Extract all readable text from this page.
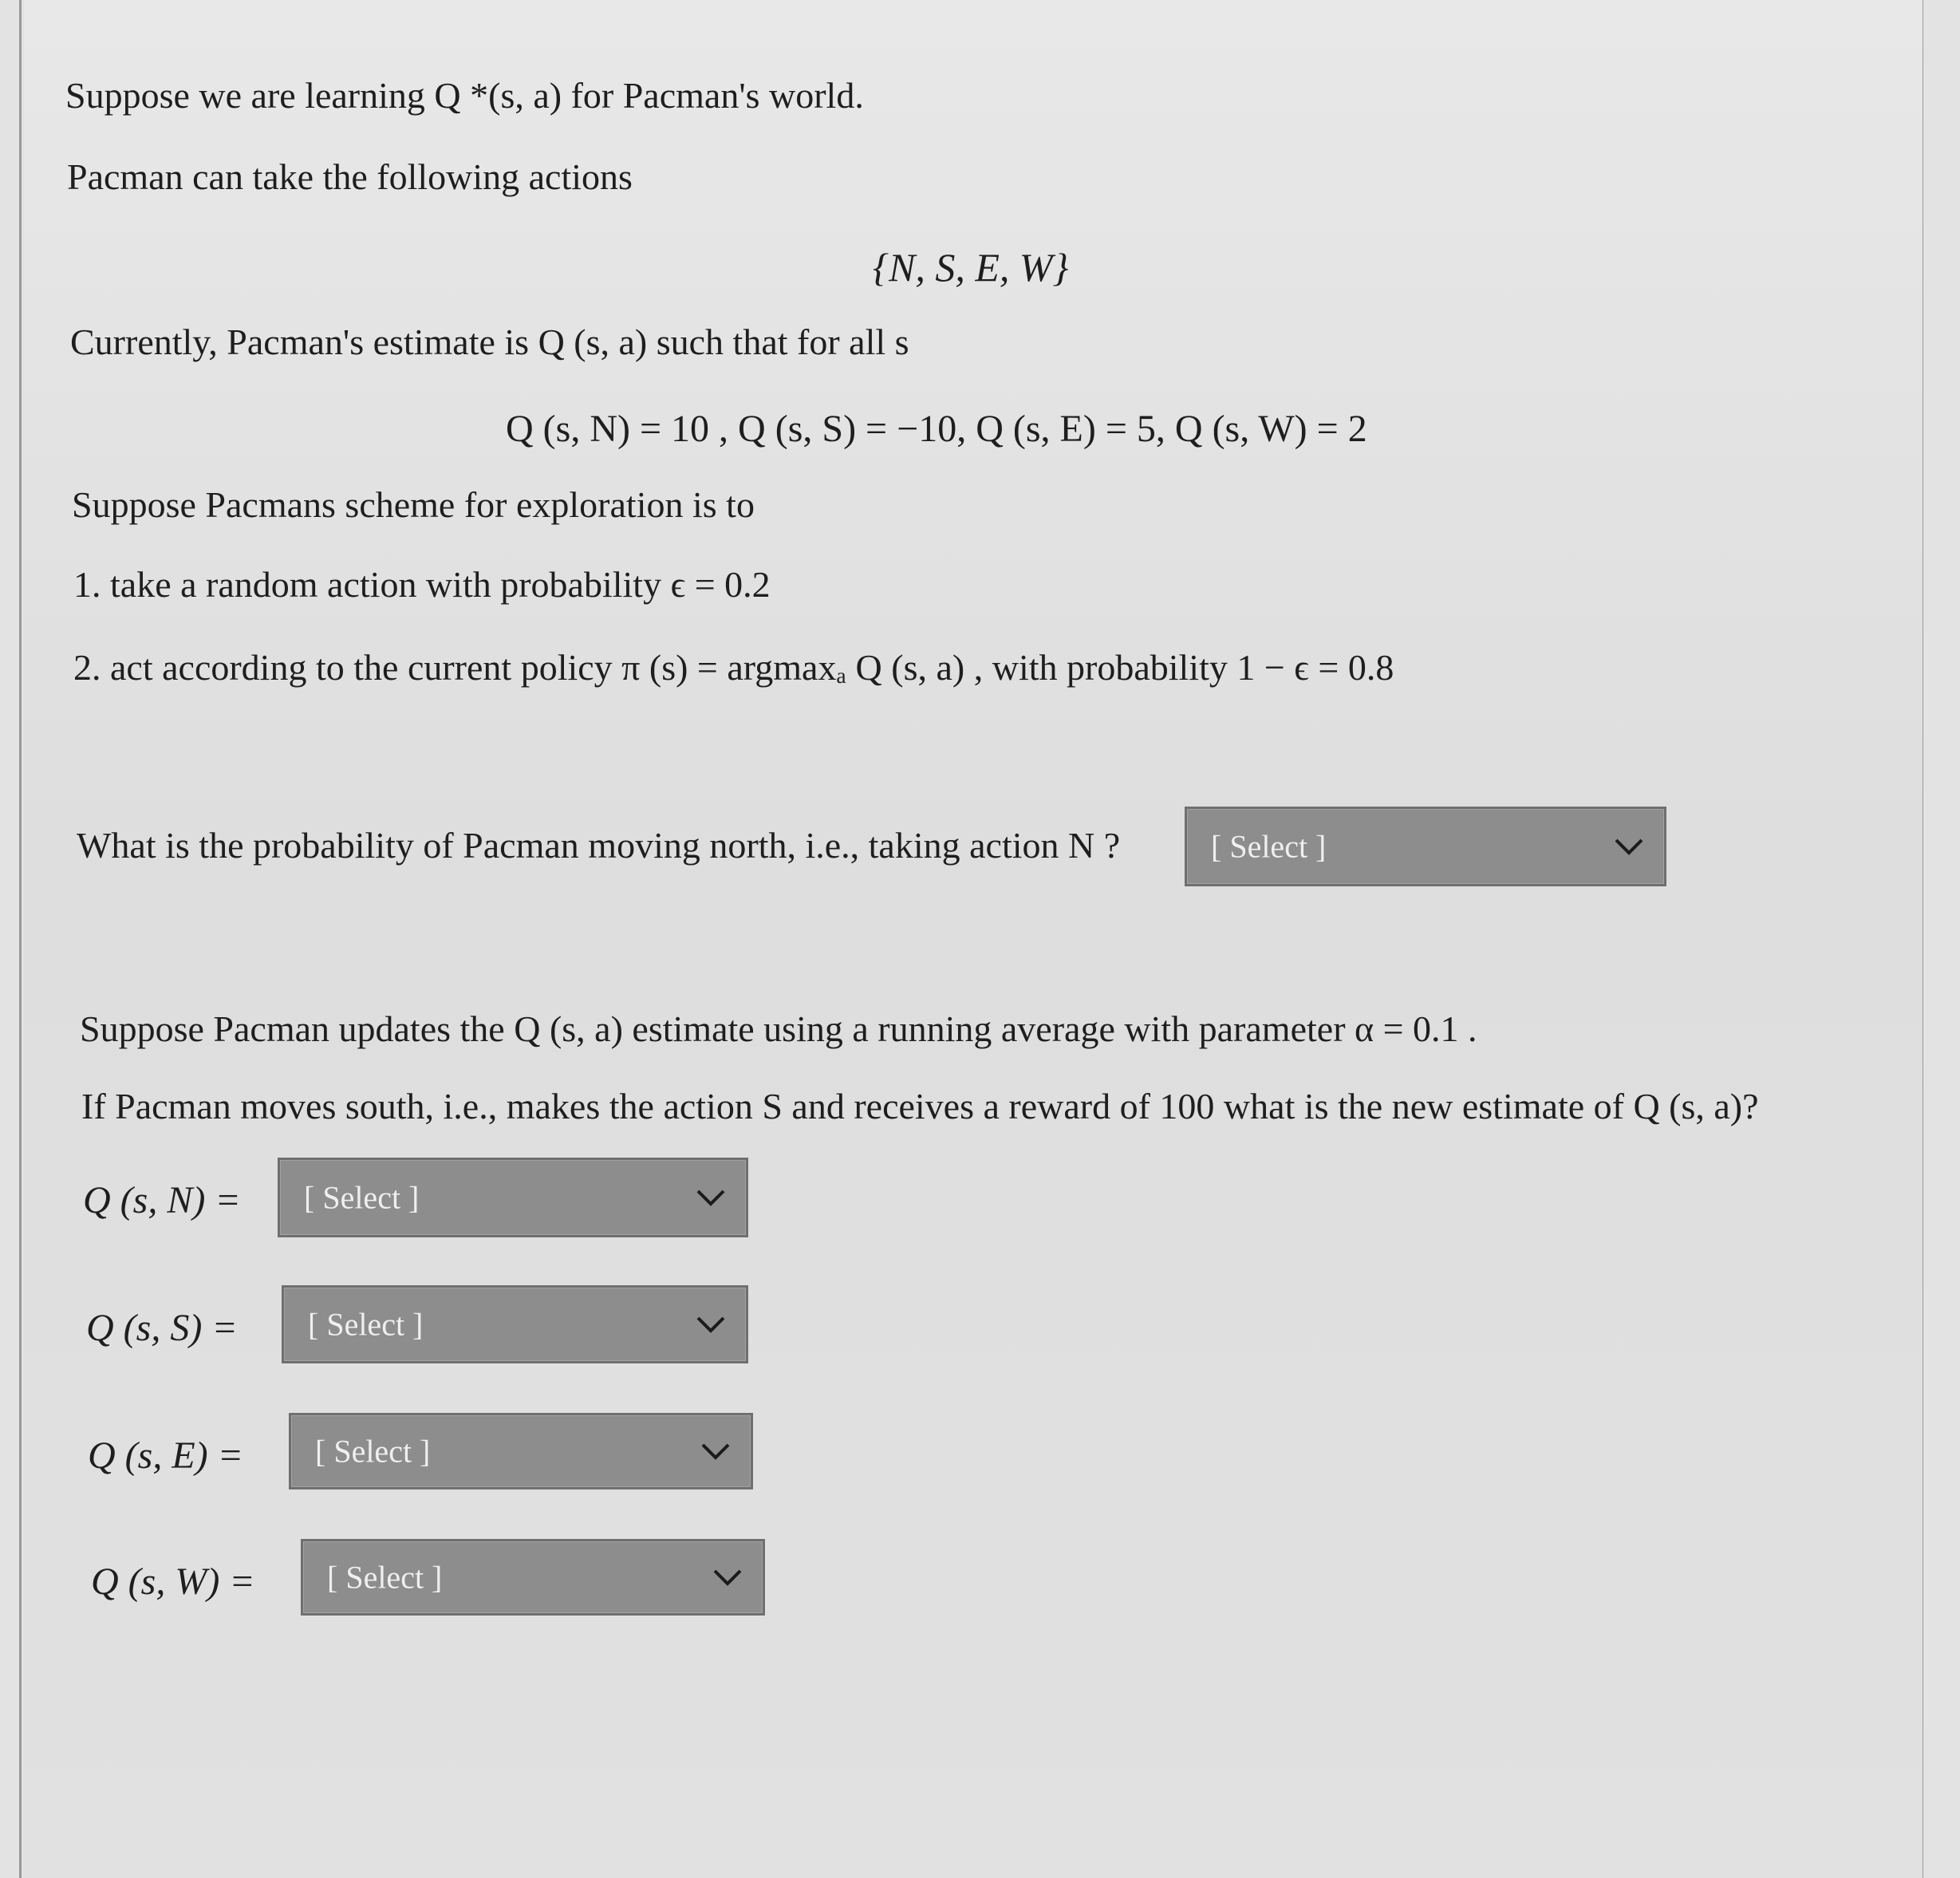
Suppose we are learning Q *(s, a) for Pacman's world.
Pacman can take the following actions
{N, S, E, W}
Currently, Pacman's estimate is Q (s, a) such that for all s
Q (s, N) = 10 , Q (s, S) = −10, Q (s, E) = 5, Q (s, W) = 2
Suppose Pacmans scheme for exploration is to
1. take a random action with probability ϵ = 0.2
2. act according to the current policy π (s) = argmaxₐ Q (s, a) , with probability 1 − ϵ = 0.8
What is the probability of Pacman moving north, i.e., taking action N ?	[ Select ]
Suppose Pacman updates the Q (s, a) estimate using a running average with parameter α = 0.1 .
If Pacman moves south, i.e., makes the action S and receives a reward of 100 what is the new estimate of Q (s, a)?
Q (s, N) = [ Select ]
Q (s, S) = [ Select ]
Q (s, E) = [ Select ]
Q (s, W) = [ Select ]
